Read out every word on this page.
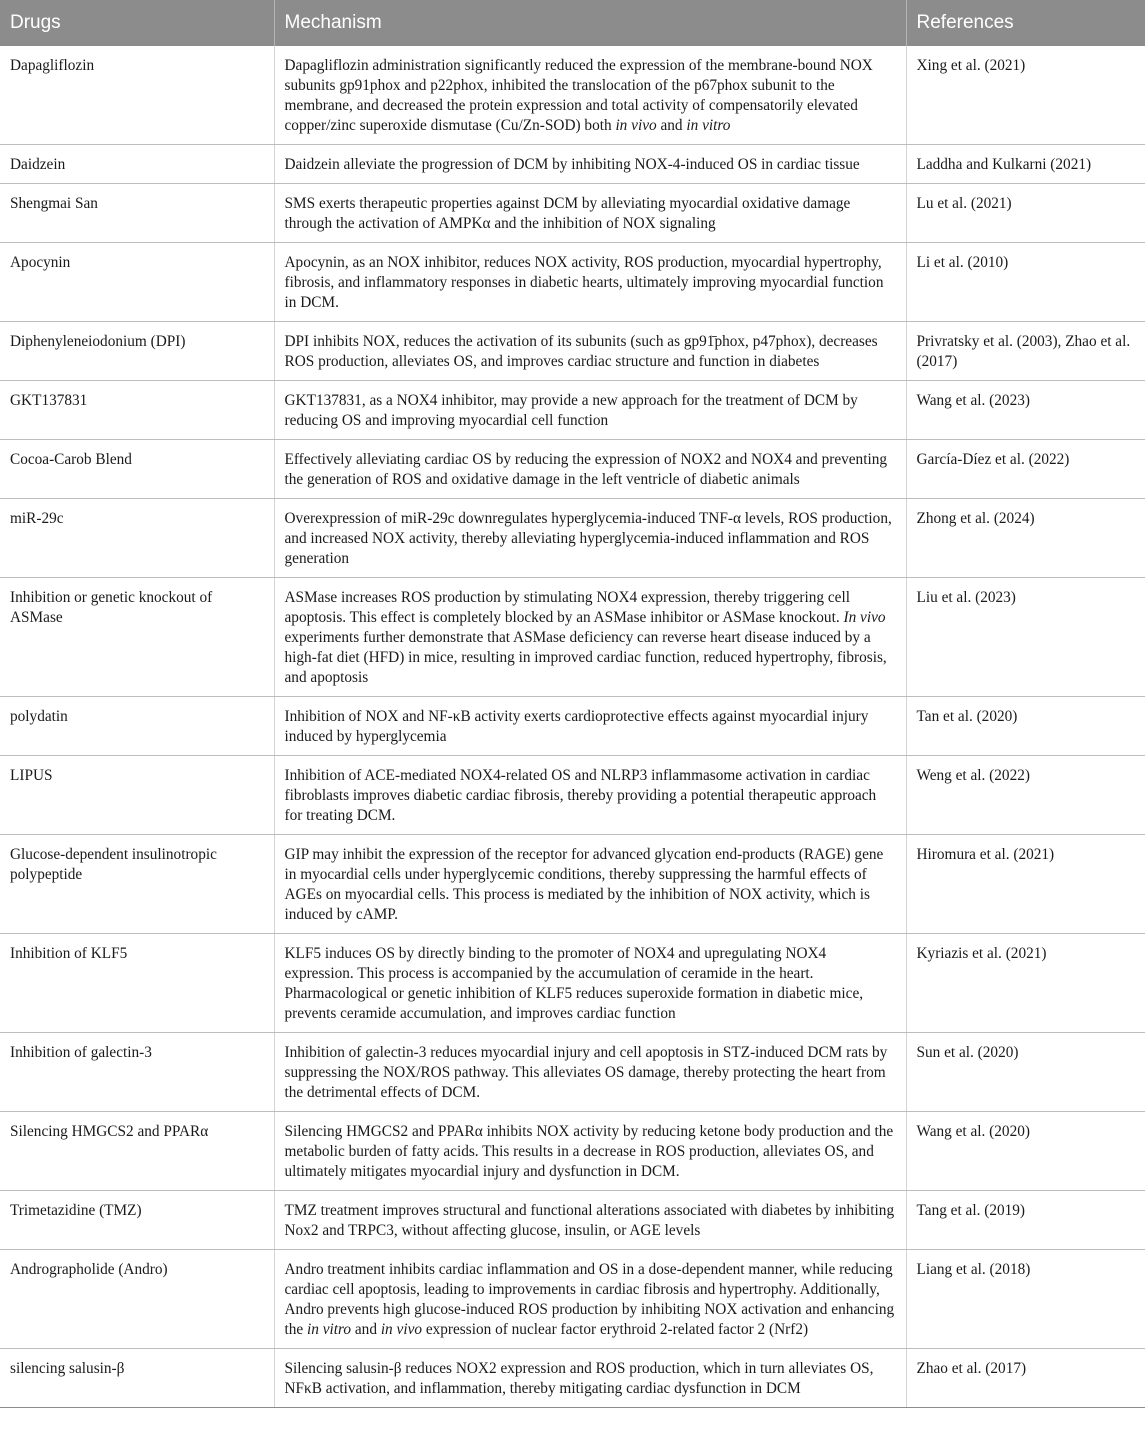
Drugs	Mechanism	References
Dapagliflozin	Dapagliflozin administration significantly reduced the expression of the membrane-bound NOX subunits gp91phox and p22phox, inhibited the translocation of the p67phox subunit to the membrane, and decreased the protein expression and total activity of compensatorily elevated copper/zinc superoxide dismutase (Cu/Zn-SOD) both in vivo and in vitro	Xing et al. (2021)
Daidzein	Daidzein alleviate the progression of DCM by inhibiting NOX-4-induced OS in cardiac tissue	Laddha and Kulkarni (2021)
Shengmai San	SMS exerts therapeutic properties against DCM by alleviating myocardial oxidative damage through the activation of AMPKα and the inhibition of NOX signaling	Lu et al. (2021)
Apocynin	Apocynin, as an NOX inhibitor, reduces NOX activity, ROS production, myocardial hypertrophy, fibrosis, and inflammatory responses in diabetic hearts, ultimately improving myocardial function in DCM.	Li et al. (2010)
Diphenyleneiodonium (DPI)	DPI inhibits NOX, reduces the activation of its subunits (such as gp91̄phox, p47phox), decreases ROS production, alleviates OS, and improves cardiac structure and function in diabetes	Privratsky et al. (2003), Zhao et al. (2017)
GKT137831	GKT137831, as a NOX4 inhibitor, may provide a new approach for the treatment of DCM by reducing OS and improving myocardial cell function	Wang et al. (2023)
Cocoa-Carob Blend	Effectively alleviating cardiac OS by reducing the expression of NOX2 and NOX4 and preventing the generation of ROS and oxidative damage in the left ventricle of diabetic animals	García-Díez et al. (2022)
miR-29c	Overexpression of miR-29c downregulates hyperglycemia-induced TNF-α levels, ROS production, and increased NOX activity, thereby alleviating hyperglycemia-induced inflammation and ROS generation	Zhong et al. (2024)
Inhibition or genetic knockout of ASMase	ASMase increases ROS production by stimulating NOX4 expression, thereby triggering cell apoptosis. This effect is completely blocked by an ASMase inhibitor or ASMase knockout. In vivo experiments further demonstrate that ASMase deficiency can reverse heart disease induced by a high-fat diet (HFD) in mice, resulting in improved cardiac function, reduced hypertrophy, fibrosis, and apoptosis	Liu et al. (2023)
polydatin	Inhibition of NOX and NF-κB activity exerts cardioprotective effects against myocardial injury induced by hyperglycemia	Tan et al. (2020)
LIPUS	Inhibition of ACE-mediated NOX4-related OS and NLRP3 inflammasome activation in cardiac fibroblasts improves diabetic cardiac fibrosis, thereby providing a potential therapeutic approach for treating DCM.	Weng et al. (2022)
Glucose-dependent insulinotropic polypeptide	GIP may inhibit the expression of the receptor for advanced glycation end-products (RAGE) gene in myocardial cells under hyperglycemic conditions, thereby suppressing the harmful effects of AGEs on myocardial cells. This process is mediated by the inhibition of NOX activity, which is induced by cAMP.	Hiromura et al. (2021)
Inhibition of KLF5	KLF5 induces OS by directly binding to the promoter of NOX4 and upregulating NOX4 expression. This process is accompanied by the accumulation of ceramide in the heart. Pharmacological or genetic inhibition of KLF5 reduces superoxide formation in diabetic mice, prevents ceramide accumulation, and improves cardiac function	Kyriazis et al. (2021)
Inhibition of galectin-3	Inhibition of galectin-3 reduces myocardial injury and cell apoptosis in STZ-induced DCM rats by suppressing the NOX/ROS pathway. This alleviates OS damage, thereby protecting the heart from the detrimental effects of DCM.	Sun et al. (2020)
Silencing HMGCS2 and PPARα	Silencing HMGCS2 and PPARα inhibits NOX activity by reducing ketone body production and the metabolic burden of fatty acids. This results in a decrease in ROS production, alleviates OS, and ultimately mitigates myocardial injury and dysfunction in DCM.	Wang et al. (2020)
Trimetazidine (TMZ)	TMZ treatment improves structural and functional alterations associated with diabetes by inhibiting Nox2 and TRPC3, without affecting glucose, insulin, or AGE levels	Tang et al. (2019)
Andrographolide (Andro)	Andro treatment inhibits cardiac inflammation and OS in a dose-dependent manner, while reducing cardiac cell apoptosis, leading to improvements in cardiac fibrosis and hypertrophy. Additionally, Andro prevents high glucose-induced ROS production by inhibiting NOX activation and enhancing the in vitro and in vivo expression of nuclear factor erythroid 2-related factor 2 (Nrf2)	Liang et al. (2018)
silencing salusin-β	Silencing salusin-β reduces NOX2 expression and ROS production, which in turn alleviates OS, NFκB activation, and inflammation, thereby mitigating cardiac dysfunction in DCM	Zhao et al. (2017)
